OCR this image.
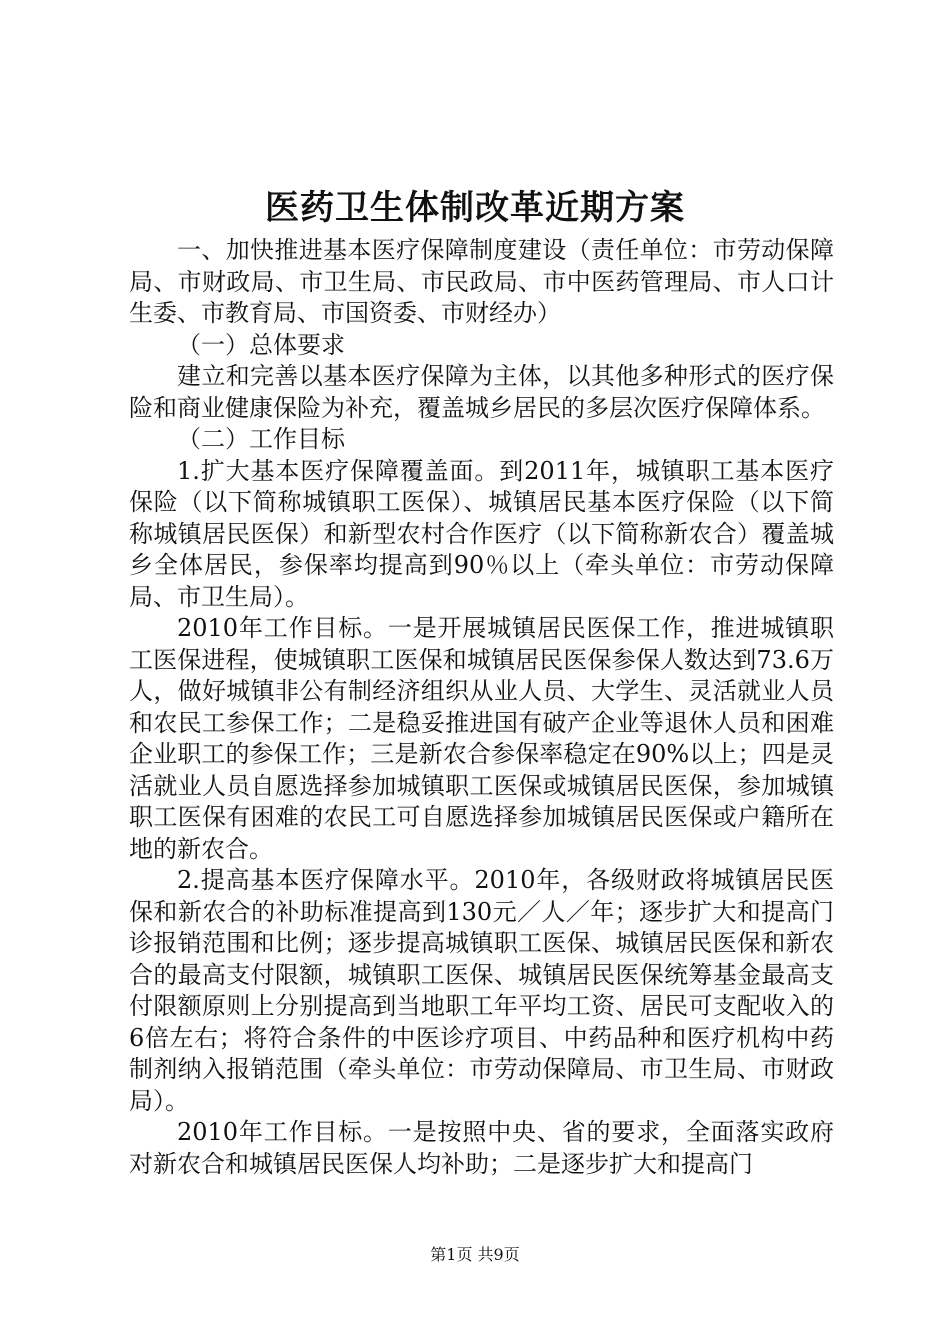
医药卫生体制改革近期方案

一、加快推进基本医疗保障制度建设（责任单位：市劳动保障局、市财政局、市卫生局、市民政局、市中医药管理局、市人口计生委、市教育局、市国资委、市财经办）

（一）总体要求

建立和完善以基本医疗保障为主体，以其他多种形式的医疗保险和商业健康保险为补充，覆盖城乡居民的多层次医疗保障体系。

（二）工作目标

1.扩大基本医疗保障覆盖面。到2011年，城镇职工基本医疗保险（以下简称城镇职工医保）、城镇居民基本医疗保险（以下简称城镇居民医保）和新型农村合作医疗（以下简称新农合）覆盖城乡全体居民，参保率均提高到90％以上（牵头单位：市劳动保障局、市卫生局）。

2010年工作目标。一是开展城镇居民医保工作，推进城镇职工医保进程，使城镇职工医保和城镇居民医保参保人数达到73.6万人，做好城镇非公有制经济组织从业人员、大学生、灵活就业人员和农民工参保工作；二是稳妥推进国有破产企业等退休人员和困难企业职工的参保工作；三是新农合参保率稳定在90%以上；四是灵活就业人员自愿选择参加城镇职工医保或城镇居民医保，参加城镇职工医保有困难的农民工可自愿选择参加城镇居民医保或户籍所在地的新农合。

2.提高基本医疗保障水平。2010年，各级财政将城镇居民医保和新农合的补助标准提高到130元／人／年；逐步扩大和提高门诊报销范围和比例；逐步提高城镇职工医保、城镇居民医保和新农合的最高支付限额，城镇职工医保、城镇居民医保统筹基金最高支付限额原则上分别提高到当地职工年平均工资、居民可支配收入的6倍左右；将符合条件的中医诊疗项目、中药品种和医疗机构中药制剂纳入报销范围（牵头单位：市劳动保障局、市卫生局、市财政局）。

2010年工作目标。一是按照中央、省的要求，全面落实政府对新农合和城镇居民医保人均补助；二是逐步扩大和提高门

第1页 共9页
